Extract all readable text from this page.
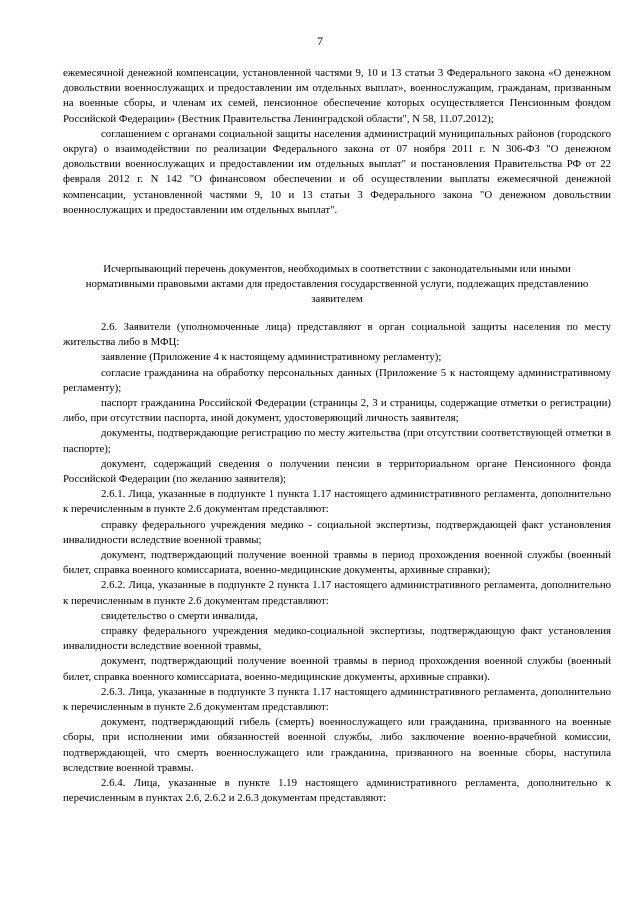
7

ежемесячной денежной компенсации, установленной частями 9, 10 и 13 статьи 3 Федерального закона «О денежном довольствии военнослужащих и предоставлении им отдельных выплат», военнослужащим, гражданам, призванным на военные сборы, и членам их семей, пенсионное обеспечение которых осуществляется Пенсионным фондом Российской Федерации» (Вестник Правительства Ленинградской области", N 58, 11.07.2012);

соглашением с органами социальной защиты населения администраций муниципальных районов (городского округа) о взаимодействии по реализации Федерального закона от 07 ноября 2011 г. N 306-ФЗ "О денежном довольствии военнослужащих и предоставлении им отдельных выплат" и постановления Правительства РФ от 22 февраля 2012 г. N 142 "О финансовом обеспечении и об осуществлении выплаты ежемесячной денежной компенсации, установленной частями 9, 10 и 13 статьи 3 Федерального закона "О денежном довольствии военнослужащих и предоставлении им отдельных выплат".

Исчерпывающий перечень документов, необходимых в соответствии с законодательными или иными нормативными правовыми актами для предоставления государственной услуги, подлежащих представлению заявителем

2.6. Заявители (уполномоченные лица) представляют в орган социальной защиты населения по месту жительства либо в МФЦ:

заявление (Приложение 4 к настоящему административному регламенту);

согласие гражданина на обработку персональных данных (Приложение 5 к настоящему административному регламенту);

паспорт гражданина Российской Федерации (страницы 2, 3 и страницы, содержащие отметки о регистрации) либо, при отсутствии паспорта, иной документ, удостоверяющий личность заявителя;

документы, подтверждающие регистрацию по месту жительства (при отсутствии соответствующей отметки в паспорте);

документ, содержащий сведения о получении пенсии в территориальном органе Пенсионного фонда Российской Федерации (по желанию заявителя);

2.6.1. Лица, указанные в подпункте 1 пункта 1.17 настоящего административного регламента, дополнительно к перечисленным в пункте 2.6 документам представляют:

справку федерального учреждения медико - социальной экспертизы, подтверждающей факт установления инвалидности вследствие военной травмы;

документ, подтверждающий получение военной травмы в период прохождения военной службы (военный билет, справка военного комиссариата, военно-медицинские документы, архивные справки);

2.6.2. Лица, указанные в подпункте 2 пункта 1.17 настоящего административного регламента, дополнительно к перечисленным в пункте 2.6 документам представляют:

свидетельство о смерти инвалида,

справку федерального учреждения медико-социальной экспертизы, подтверждающую факт установления инвалидности вследствие военной травмы,

документ, подтверждающий получение военной травмы в период прохождения военной службы (военный билет, справка военного комиссариата, военно-медицинские документы, архивные справки).

2.6.3. Лица, указанные в подпункте 3 пункта 1.17 настоящего административного регламента, дополнительно к перечисленным в пункте 2.6 документам представляют:

документ, подтверждающий гибель (смерть) военнослужащего или гражданина, призванного на военные сборы, при исполнении ими обязанностей военной службы, либо заключение военно-врачебной комиссии, подтверждающей, что смерть военнослужащего или гражданина, призванного на военные сборы, наступила вследствие военной травмы.

2.6.4. Лица, указанные в пункте 1.19 настоящего административного регламента, дополнительно к перечисленным в пунктах 2.6, 2.6.2 и 2.6.3 документам представляют:
